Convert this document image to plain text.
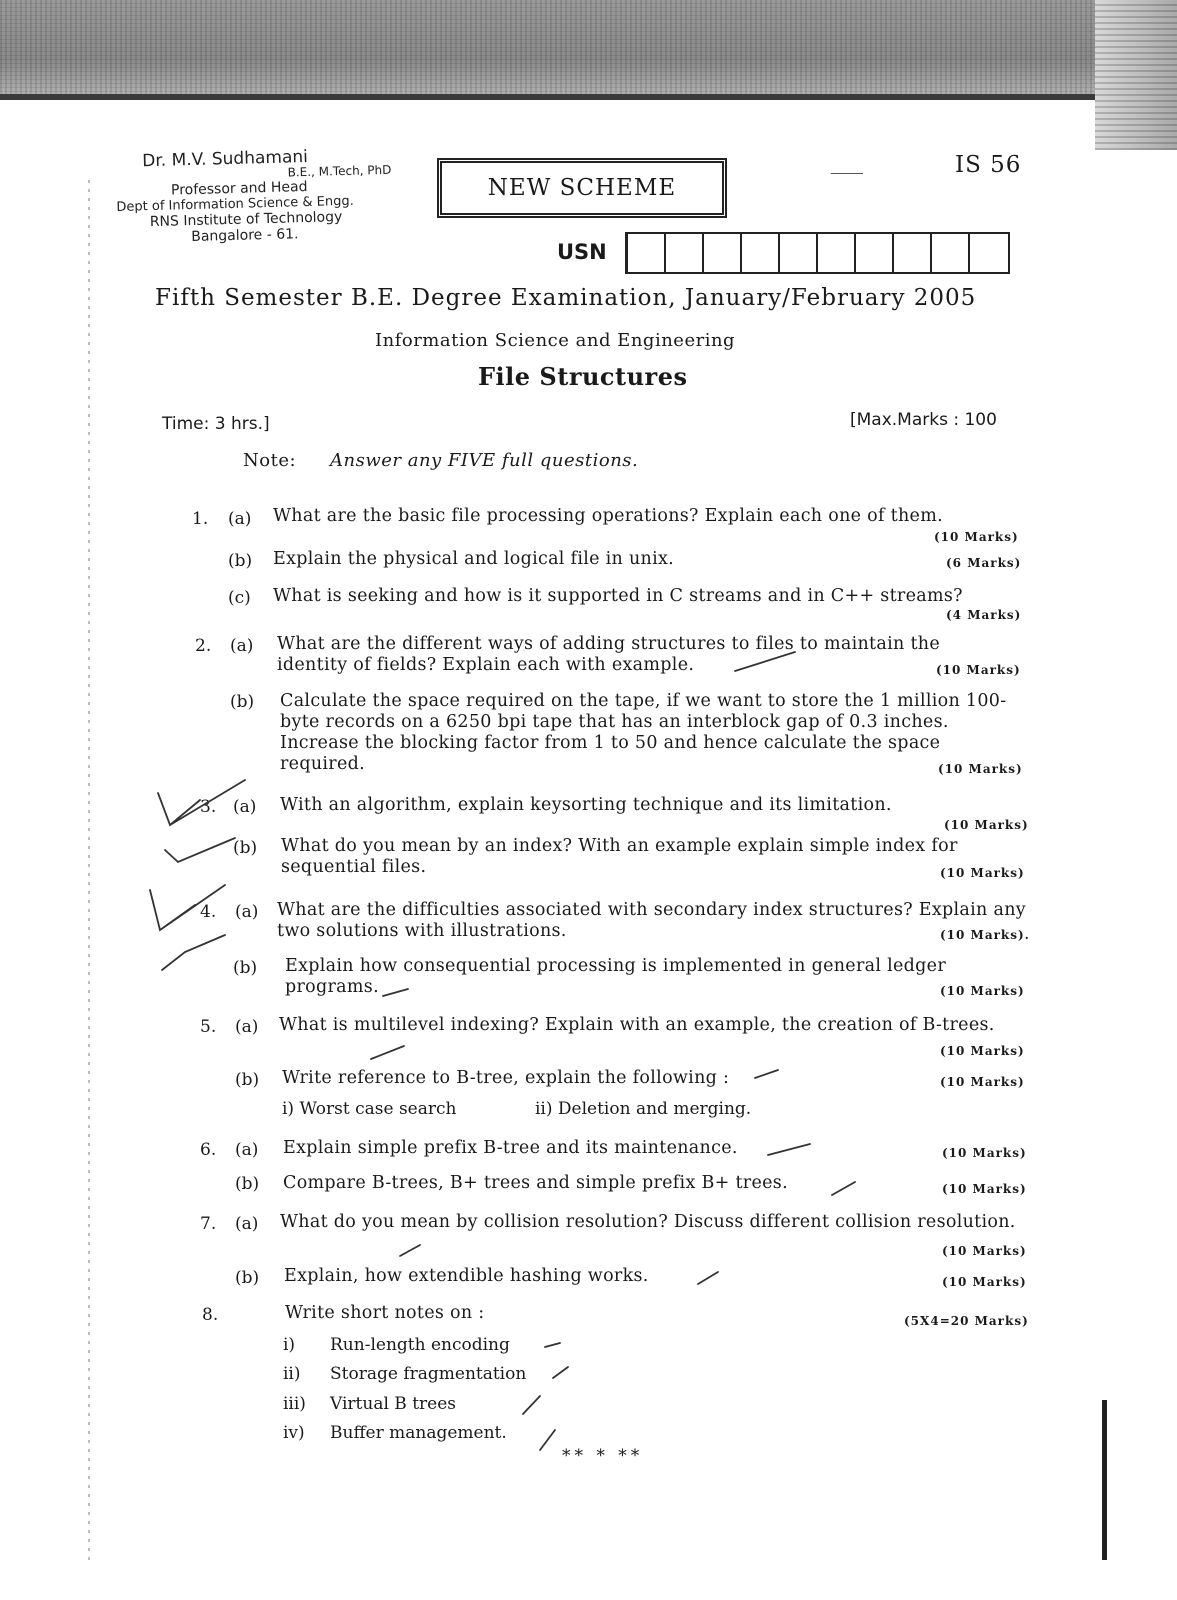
Dr. M.V. Sudhamani
B.E., M.Tech, PhD
Professor and Head
Dept of Information Science & Engg.
RNS Institute of Technology
Bangalore - 61.
NEW SCHEME
⸺	IS 56
USN
Fifth Semester B.E. Degree Examination, January/February 2005
Information Science and Engineering
File Structures
Time: 3 hrs.]	[Max.Marks : 100
Note: Answer any FIVE full questions.
1. (a) What are the basic file processing operations? Explain each one of them.
(10 Marks)
(b) Explain the physical and logical file in unix.	(6 Marks)
(c) What is seeking and how is it supported in C streams and in C++ streams?
(4 Marks)
2. (a) What are the different ways of adding structures to files to maintain the identity of fields? Explain each with example.	(10 Marks)
(b) Calculate the space required on the tape, if we want to store the 1 million 100-byte records on a 6250 bpi tape that has an interblock gap of 0.3 inches. Increase the blocking factor from 1 to 50 and hence calculate the space required.	(10 Marks)
3. (a) With an algorithm, explain keysorting technique and its limitation.
(10 Marks)
(b) What do you mean by an index? With an example explain simple index for sequential files.	(10 Marks)
4. (a) What are the difficulties associated with secondary index structures? Explain any two solutions with illustrations.	(10 Marks).
(b) Explain how consequential processing is implemented in general ledger programs.	(10 Marks)
5. (a) What is multilevel indexing? Explain with an example, the creation of B-trees.
(10 Marks)
(b) Write reference to B-tree, explain the following :	(10 Marks)
i) Worst case search	ii) Deletion and merging.
6. (a) Explain simple prefix B-tree and its maintenance.	(10 Marks)
(b) Compare B-trees, B+ trees and simple prefix B+ trees.	(10 Marks)
7. (a) What do you mean by collision resolution? Discuss different collision resolution.
(10 Marks)
(b) Explain, how extendible hashing works.	(10 Marks)
8.	Write short notes on :	(5X4=20 Marks)
i) Run-length encoding
ii) Storage fragmentation
iii) Virtual B trees
iv) Buffer management.
** * **
